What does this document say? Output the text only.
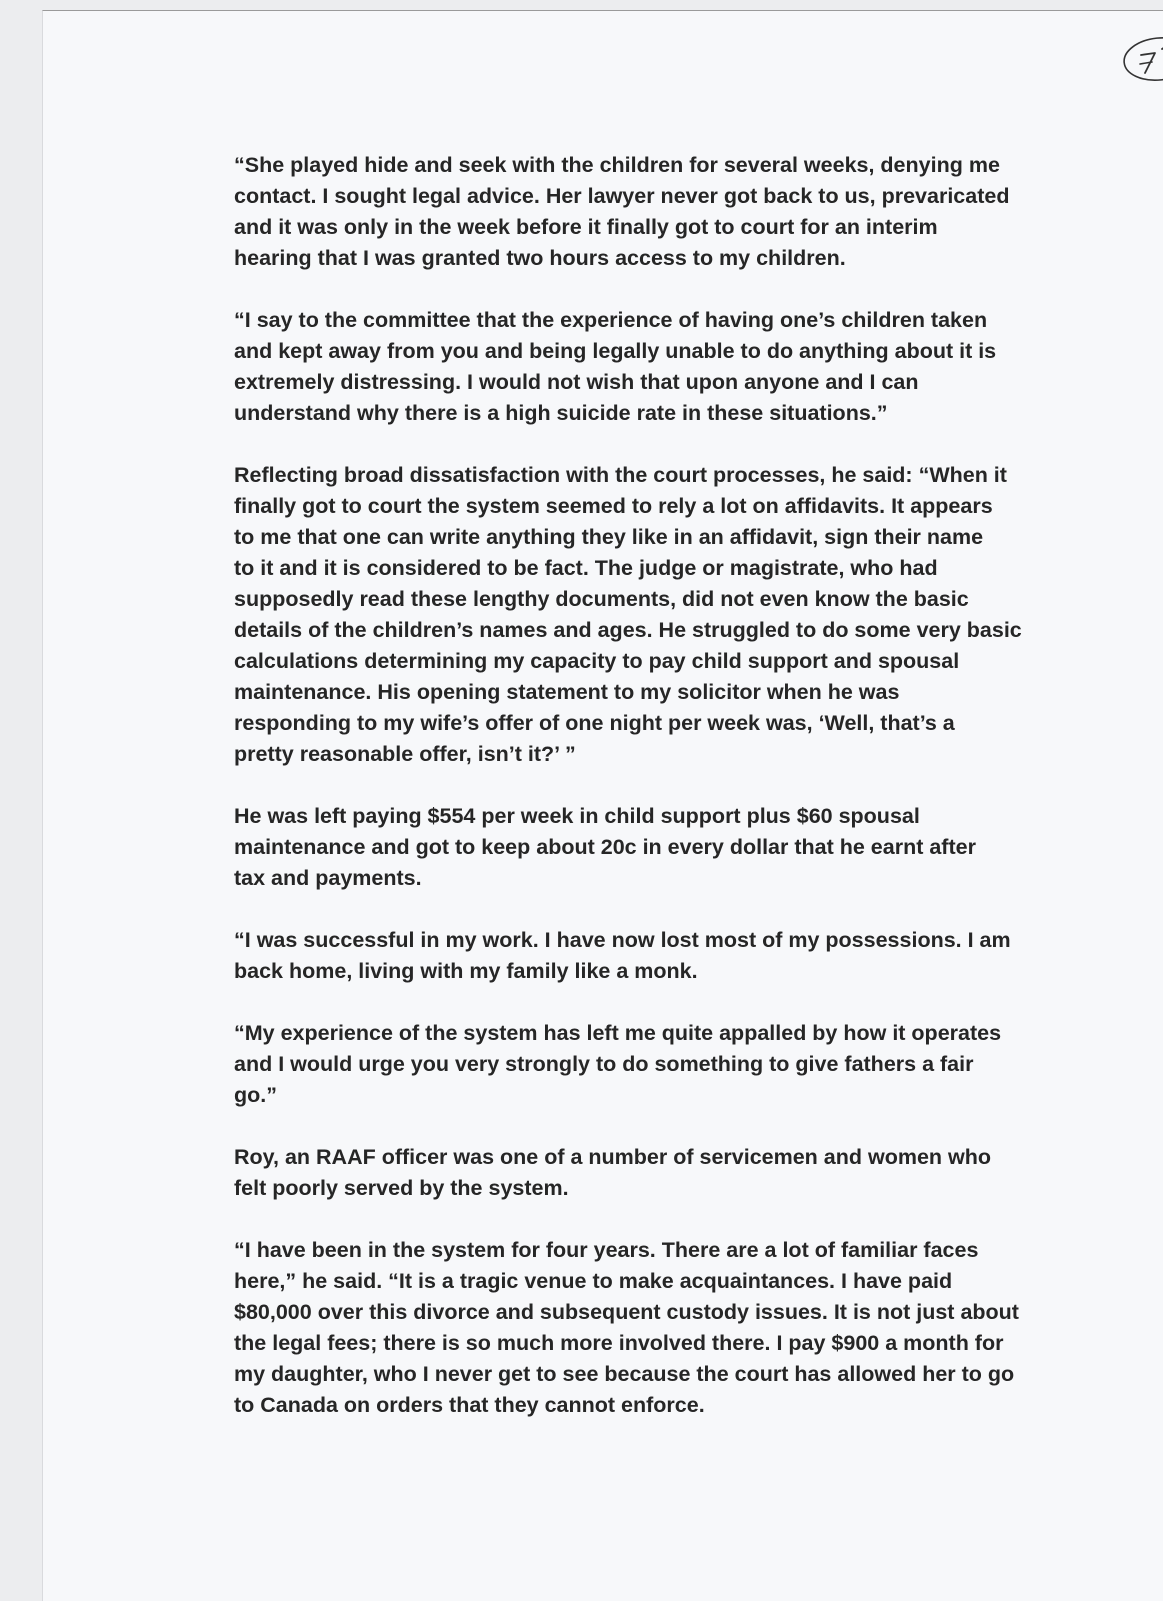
“She played hide and seek with the children for several weeks, denying me
contact. I sought legal advice. Her lawyer never got back to us, prevaricated
and it was only in the week before it finally got to court for an interim
hearing that I was granted two hours access to my children.

“I say to the committee that the experience of having one’s children taken
and kept away from you and being legally unable to do anything about it is
extremely distressing. I would not wish that upon anyone and I can
understand why there is a high suicide rate in these situations.”

Reflecting broad dissatisfaction with the court processes, he said: “When it
finally got to court the system seemed to rely a lot on affidavits. It appears
to me that one can write anything they like in an affidavit, sign their name
to it and it is considered to be fact. The judge or magistrate, who had
supposedly read these lengthy documents, did not even know the basic
details of the children’s names and ages. He struggled to do some very basic
calculations determining my capacity to pay child support and spousal
maintenance. His opening statement to my solicitor when he was
responding to my wife’s offer of one night per week was, ‘Well, that’s a
pretty reasonable offer, isn’t it?’ ”

He was left paying $554 per week in child support plus $60 spousal
maintenance and got to keep about 20c in every dollar that he earnt after
tax and payments.

“I was successful in my work. I have now lost most of my possessions. I am
back home, living with my family like a monk.

“My experience of the system has left me quite appalled by how it operates
and I would urge you very strongly to do something to give fathers a fair
go.”

Roy, an RAAF officer was one of a number of servicemen and women who
felt poorly served by the system.

“I have been in the system for four years. There are a lot of familiar faces
here,” he said. “It is a tragic venue to make acquaintances. I have paid
$80,000 over this divorce and subsequent custody issues. It is not just about
the legal fees; there is so much more involved there. I pay $900 a month for
my daughter, who I never get to see because the court has allowed her to go
to Canada on orders that they cannot enforce.
